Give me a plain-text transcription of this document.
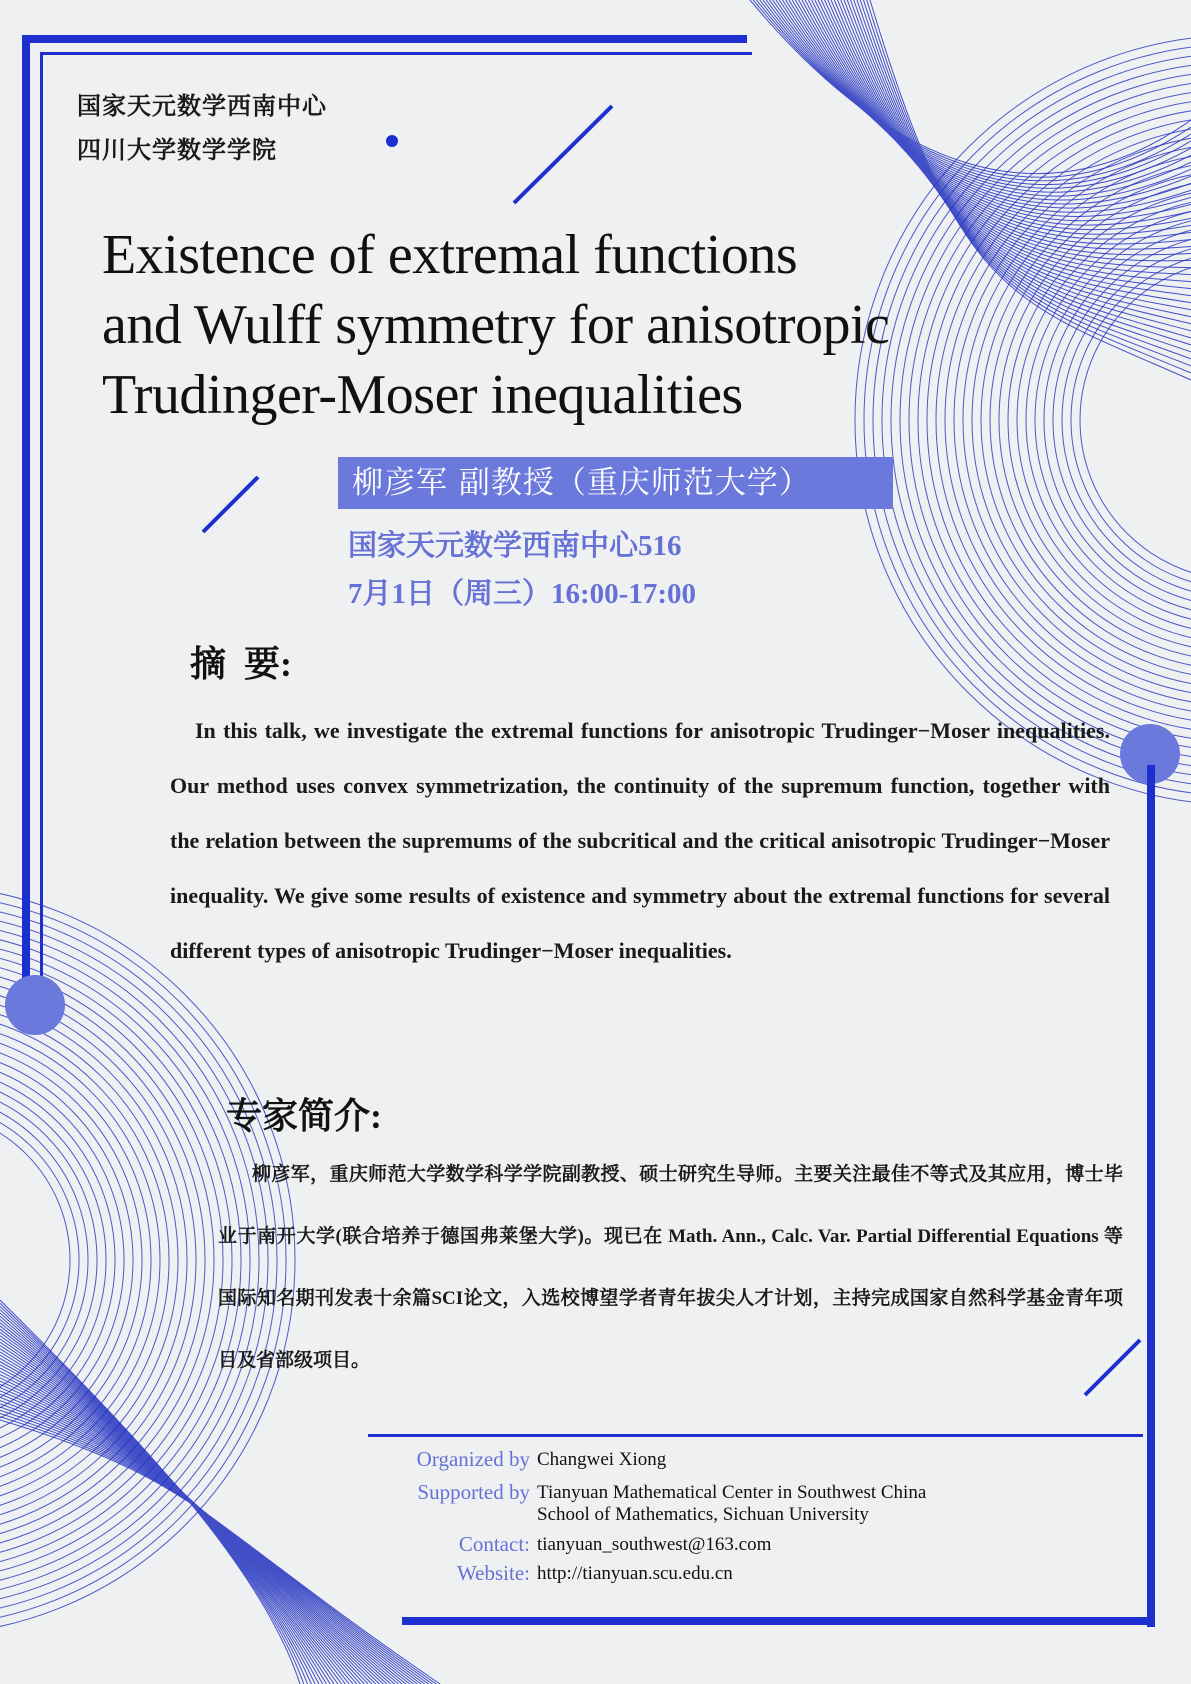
国家天元数学西南中心
四川大学数学学院
Existence of extremal functions
and Wulff symmetry for anisotropic
Trudinger-Moser inequalities
柳彦军 副教授（重庆师范大学）
国家天元数学西南中心516
7月1日（周三）16:00-17:00
摘  要:
In this talk, we investigate the extremal functions for anisotropic Trudinger−Moser inequalities. Our method uses convex symmetrization, the continuity of the supremum function, together with the relation between the supremums of the subcritical and the critical anisotropic Trudinger−Moser inequality. We give some results of existence and symmetry about the extremal functions for several different types of anisotropic Trudinger−Moser inequalities.
专家简介:
柳彦军，重庆师范大学数学科学学院副教授、硕士研究生导师。主要关注最佳不等式及其应用，博士毕业于南开大学(联合培养于德国弗莱堡大学)。现已在 Math. Ann., Calc. Var. Partial Differential Equations 等国际知名期刊发表十余篇SCI论文，入选校博望学者青年拔尖人才计划，主持完成国家自然科学基金青年项目及省部级项目。
Organized by Changwei Xiong
Supported by Tianyuan Mathematical Center in Southwest China
School of Mathematics, Sichuan University
Contact: tianyuan_southwest@163.com
Website: http://tianyuan.scu.edu.cn
